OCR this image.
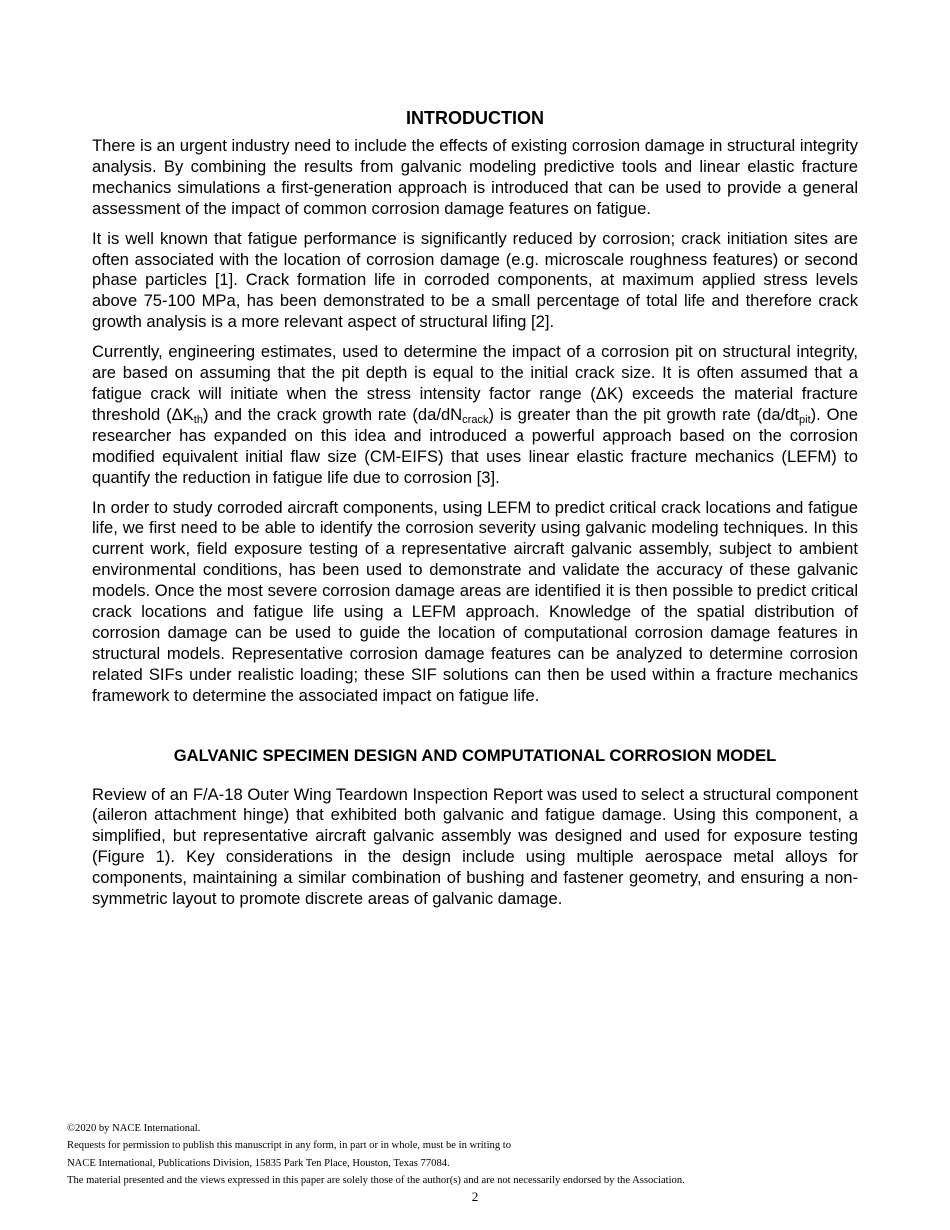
INTRODUCTION

There is an urgent industry need to include the effects of existing corrosion damage in structural integrity analysis. By combining the results from galvanic modeling predictive tools and linear elastic fracture mechanics simulations a first-generation approach is introduced that can be used to provide a general assessment of the impact of common corrosion damage features on fatigue.

It is well known that fatigue performance is significantly reduced by corrosion; crack initiation sites are often associated with the location of corrosion damage (e.g. microscale roughness features) or second phase particles [1]. Crack formation life in corroded components, at maximum applied stress levels above 75-100 MPa, has been demonstrated to be a small percentage of total life and therefore crack growth analysis is a more relevant aspect of structural lifing [2].

Currently, engineering estimates, used to determine the impact of a corrosion pit on structural integrity, are based on assuming that the pit depth is equal to the initial crack size. It is often assumed that a fatigue crack will initiate when the stress intensity factor range (ΔK) exceeds the material fracture threshold $(\Delta K_{th})$ and the crack growth rate $(da/dN_{crack})$ is greater than the pit growth rate $(da/dt_{pit})$. One researcher has expanded on this idea and introduced a powerful approach based on the corrosion modified equivalent initial flaw size (CM-EIFS) that uses linear elastic fracture mechanics (LEFM) to quantify the reduction in fatigue life due to corrosion [3].

In order to study corroded aircraft components, using LEFM to predict critical crack locations and fatigue life, we first need to be able to identify the corrosion severity using galvanic modeling techniques. In this current work, field exposure testing of a representative aircraft galvanic assembly, subject to ambient environmental conditions, has been used to demonstrate and validate the accuracy of these galvanic models. Once the most severe corrosion damage areas are identified it is then possible to predict critical crack locations and fatigue life using a LEFM approach. Knowledge of the spatial distribution of corrosion damage can be used to guide the location of computational corrosion damage features in structural models. Representative corrosion damage features can be analyzed to determine corrosion related SIFs under realistic loading; these SIF solutions can then be used within a fracture mechanics framework to determine the associated impact on fatigue life.

GALVANIC SPECIMEN DESIGN AND COMPUTATIONAL CORROSION MODEL

Review of an F/A-18 Outer Wing Teardown Inspection Report was used to select a structural component (aileron attachment hinge) that exhibited both galvanic and fatigue damage. Using this component, a simplified, but representative aircraft galvanic assembly was designed and used for exposure testing (Figure 1). Key considerations in the design include using multiple aerospace metal alloys for components, maintaining a similar combination of bushing and fastener geometry, and ensuring a non-symmetric layout to promote discrete areas of galvanic damage.

©2020 by NACE International.
Requests for permission to publish this manuscript in any form, in part or in whole, must be in writing to
NACE International, Publications Division, 15835 Park Ten Place, Houston, Texas 77084.
The material presented and the views expressed in this paper are solely those of the author(s) and are not necessarily endorsed by the Association.
2
